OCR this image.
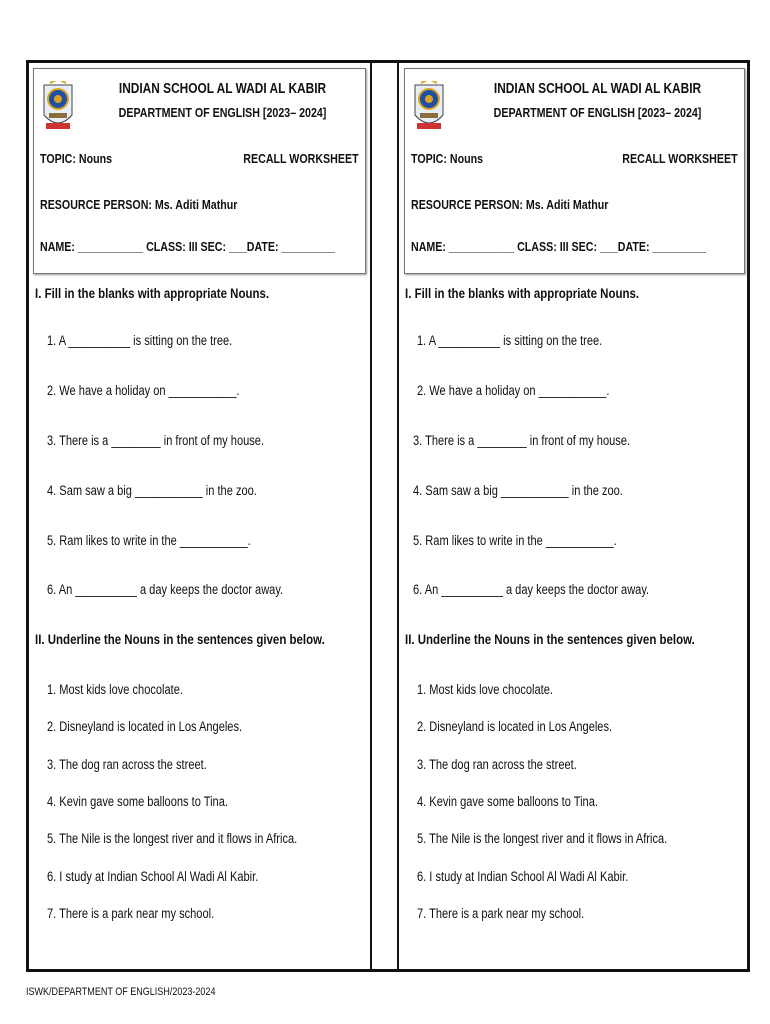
INDIAN SCHOOL AL WADI AL KABIR
DEPARTMENT OF ENGLISH [2023– 2024]
TOPIC: Nouns	RECALL WORKSHEET
RESOURCE PERSON: Ms. Aditi Mathur
NAME: ___________ CLASS: III SEC: ___DATE: _________
I. Fill in the blanks with appropriate Nouns.
1. A __________ is sitting on the tree.
2. We have a holiday on ___________.
3. There is a ________ in front of my house.
4. Sam saw a big ___________ in the zoo.
5. Ram likes to write in the ___________.
6. An __________ a day keeps the doctor away.
II. Underline the Nouns in the sentences given below.
1. Most kids love chocolate.
2. Disneyland is located in Los Angeles.
3. The dog ran across the street.
4. Kevin gave some balloons to Tina.
5. The Nile is the longest river and it flows in Africa.
6. I study at Indian School Al Wadi Al Kabir.
7. There is a park near my school.
INDIAN SCHOOL AL WADI AL KABIR
DEPARTMENT OF ENGLISH [2023– 2024]
TOPIC: Nouns	RECALL WORKSHEET
RESOURCE PERSON: Ms. Aditi Mathur
NAME: ___________ CLASS: III SEC: ___DATE: _________
I. Fill in the blanks with appropriate Nouns.
1. A __________ is sitting on the tree.
2. We have a holiday on ___________.
3. There is a ________ in front of my house.
4. Sam saw a big ___________ in the zoo.
5. Ram likes to write in the ___________.
6. An __________ a day keeps the doctor away.
II. Underline the Nouns in the sentences given below.
1. Most kids love chocolate.
2. Disneyland is located in Los Angeles.
3. The dog ran across the street.
4. Kevin gave some balloons to Tina.
5. The Nile is the longest river and it flows in Africa.
6. I study at Indian School Al Wadi Al Kabir.
7. There is a park near my school.
ISWK/DEPARTMENT OF ENGLISH/2023-2024
